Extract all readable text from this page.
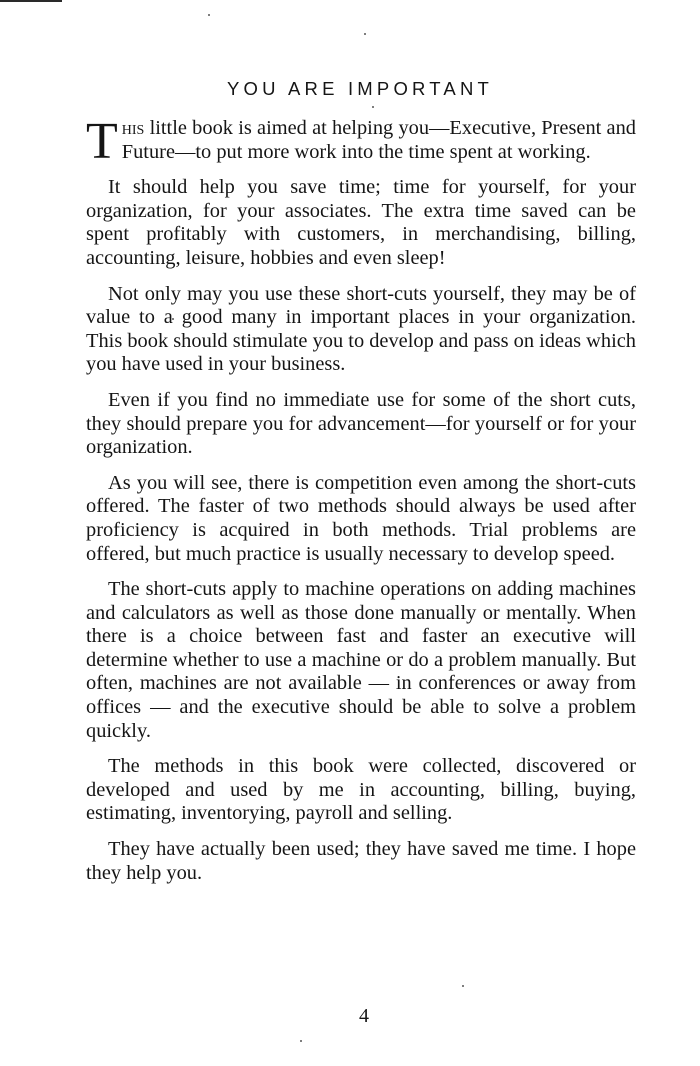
YOU ARE IMPORTANT

This little book is aimed at helping you—Executive, Present and Future—to put more work into the time spent at working.

It should help you save time; time for yourself, for your organization, for your associates. The extra time saved can be spent profitably with customers, in merchandising, billing, accounting, leisure, hobbies and even sleep!

Not only may you use these short-cuts yourself, they may be of value to a good many in important places in your organization. This book should stimulate you to develop and pass on ideas which you have used in your business.

Even if you find no immediate use for some of the short cuts, they should prepare you for advancement—for yourself or for your organization.

As you will see, there is competition even among the short-cuts offered. The faster of two methods should always be used after proficiency is acquired in both methods. Trial problems are offered, but much practice is usually necessary to develop speed.

The short-cuts apply to machine operations on adding machines and calculators as well as those done manually or mentally. When there is a choice between fast and faster an executive will determine whether to use a machine or do a problem manually. But often, machines are not available — in conferences or away from offices — and the executive should be able to solve a problem quickly.

The methods in this book were collected, discovered or developed and used by me in accounting, billing, buying, estimating, inventorying, payroll and selling.

They have actually been used; they have saved me time. I hope they help you.

4
